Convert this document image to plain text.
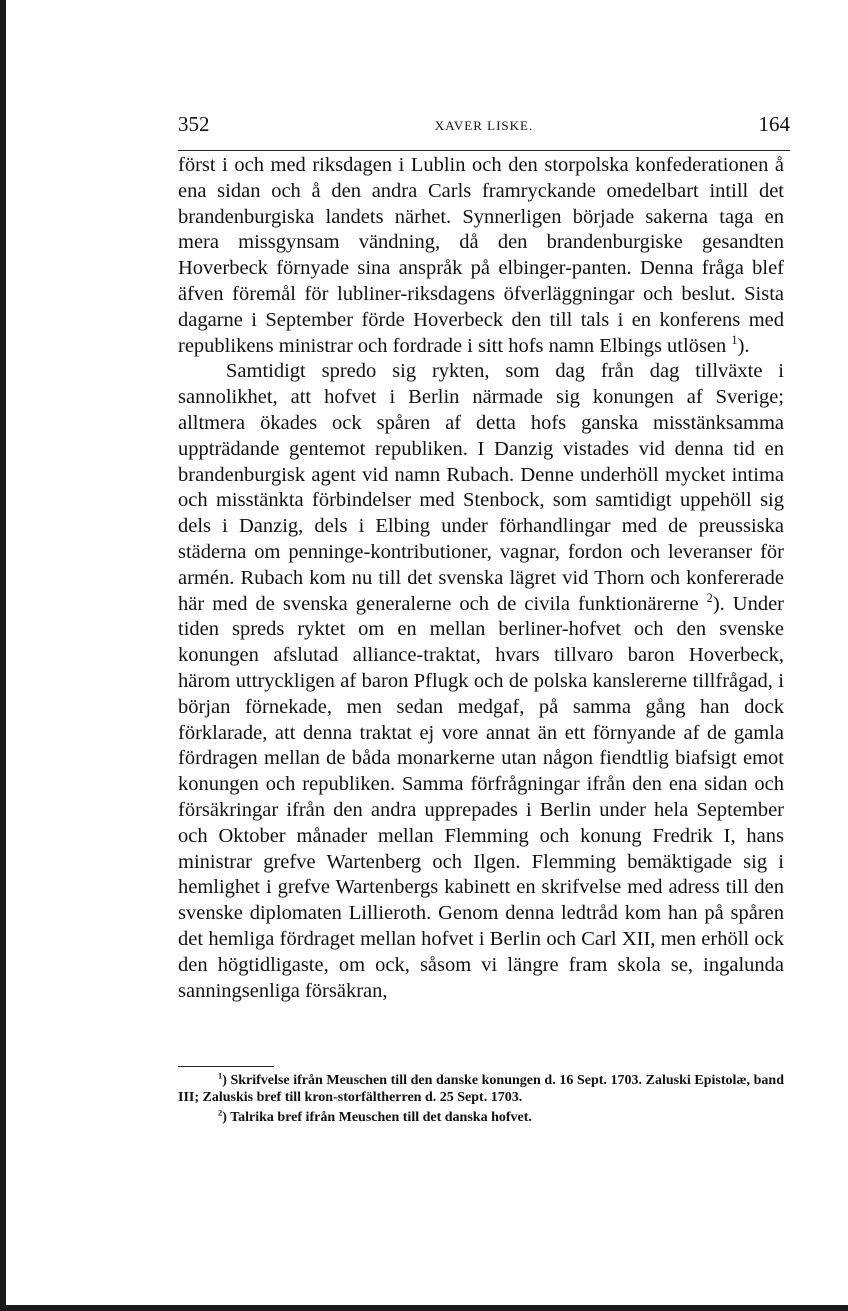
352	XAVER LISKE.	164

först i och med riksdagen i Lublin och den storpolska konfederationen å ena sidan och å den andra Carls framryckande omedelbart intill det brandenburgiska landets närhet. Synnerligen började sakerna taga en mera missgynsam vändning, då den brandenburgiske gesandten Hoverbeck förnyade sina anspråk på elbinger-panten. Denna fråga blef äfven föremål för lubliner-riksdagens öfverläggningar och beslut. Sista dagarne i September förde Hoverbeck den till tals i en konferens med republikens ministrar och fordrade i sitt hofs namn Elbings utlösen $^1$).

Samtidigt spredo sig rykten, som dag från dag tillväxte i sannolikhet, att hofvet i Berlin närmade sig konungen af Sverige; alltmera ökades ock spåren af detta hofs ganska misstänksamma uppträdande gentemot republiken. I Danzig vistades vid denna tid en brandenburgisk agent vid namn Rubach. Denne underhöll mycket intima och misstänkta förbindelser med Stenbock, som samtidigt uppehöll sig dels i Danzig, dels i Elbing under förhandlingar med de preussiska städerna om penninge-kontributioner, vagnar, fordon och leveranser för armén. Rubach kom nu till det svenska lägret vid Thorn och konfererade här med de svenska generalerne och de civila funktionärerne $^2$). Under tiden spreds ryktet om en mellan berliner-hofvet och den svenske konungen afslutad alliance-traktat, hvars tillvaro baron Hoverbeck, härom uttryckligen af baron Pflugk och de polska kanslererne tillfrågad, i början förnekade, men sedan medgaf, på samma gång han dock förklarade, att denna traktat ej vore annat än ett förnyande af de gamla fördragen mellan de båda monarkerne utan någon fiendtlig biafsigt emot konungen och republiken. Samma förfrågningar ifrån den ena sidan och försäkringar ifrån den andra upprepades i Berlin under hela September och Oktober månader mellan Flemming och konung Fredrik I, hans ministrar grefve Wartenberg och Ilgen. Flemming bemäktigade sig i hemlighet i grefve Wartenbergs kabinett en skrifvelse med adress till den svenske diplomaten Lillieroth. Genom denna ledtråd kom han på spåren det hemliga fördraget mellan hofvet i Berlin och Carl XII, men erhöll ock den högtidligaste, om ock, såsom vi längre fram skola se, ingalunda sanningsenliga försäkran,

$^1$) Skrifvelse ifrån Meuschen till den danske konungen d. 16 Sept. 1703. Zaluski Epistolæ, band III; Zaluskis bref till kron-storfältherren d. 25 Sept. 1703.

$^2$) Talrika bref ifrån Meuschen till det danska hofvet.
